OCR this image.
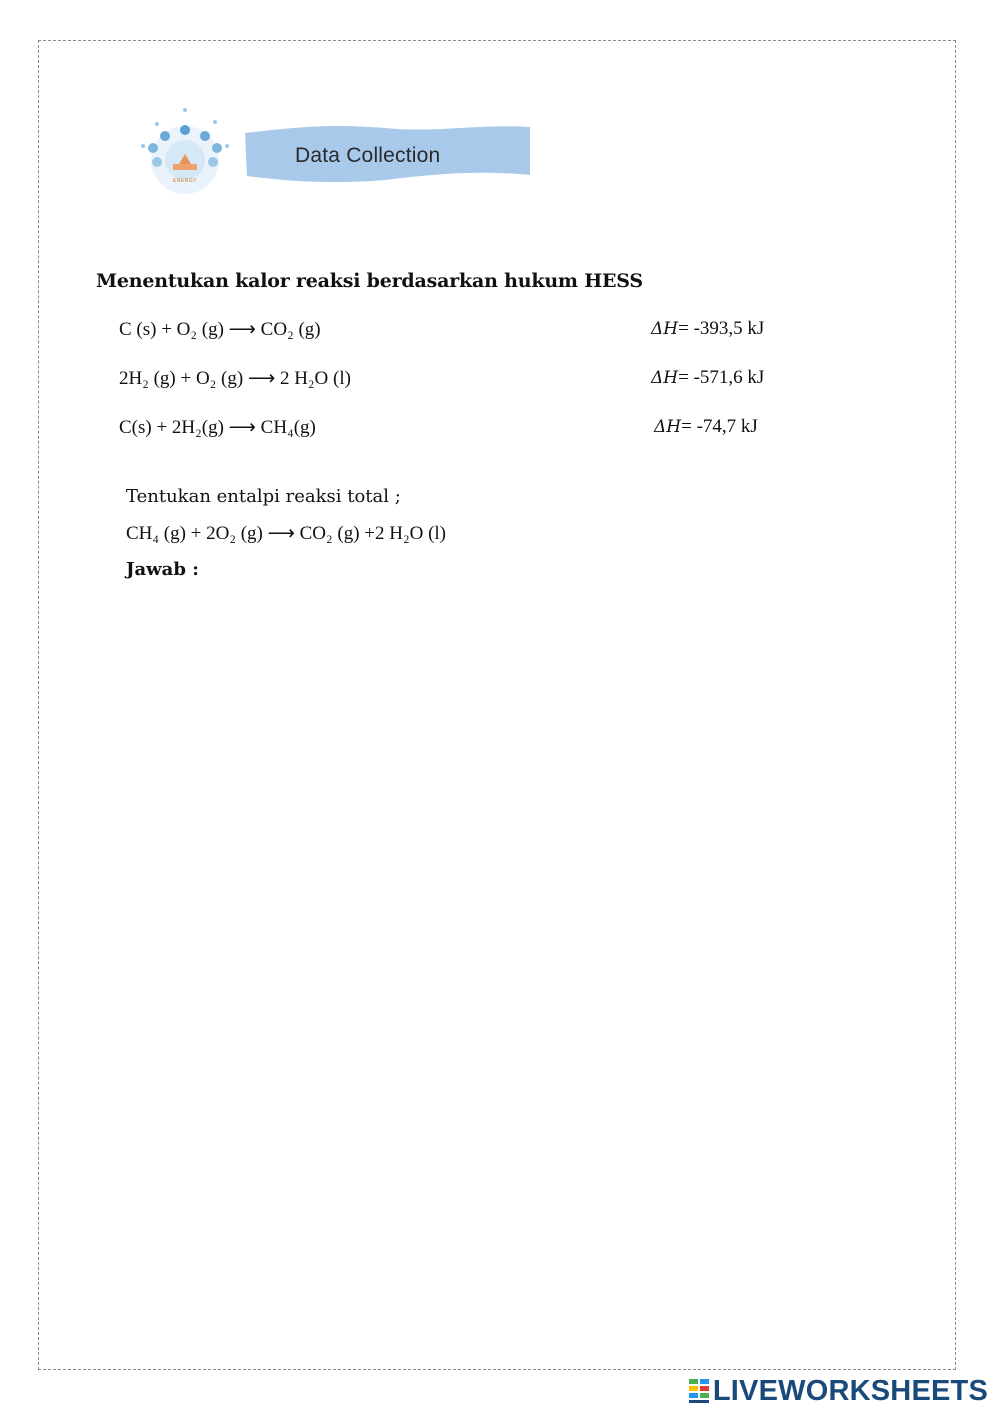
Data Collection
ENERGY
Menentukan kalor reaksi berdasarkan hukum HESS
C (s) + O₂ (g) ⟶ CO₂ (g)	ΔH= -393,5 kJ
2H₂ (g) + O₂ (g) ⟶ 2 H₂O (l)	ΔH= -571,6 kJ
C(s) + 2H₂(g) ⟶ CH₄(g)	ΔH= -74,7 kJ
Tentukan entalpi reaksi total ;
CH₄ (g) + 2O₂ (g) ⟶ CO₂ (g) +2 H₂O (l)
Jawab :
LIVEWORKSHEETS
